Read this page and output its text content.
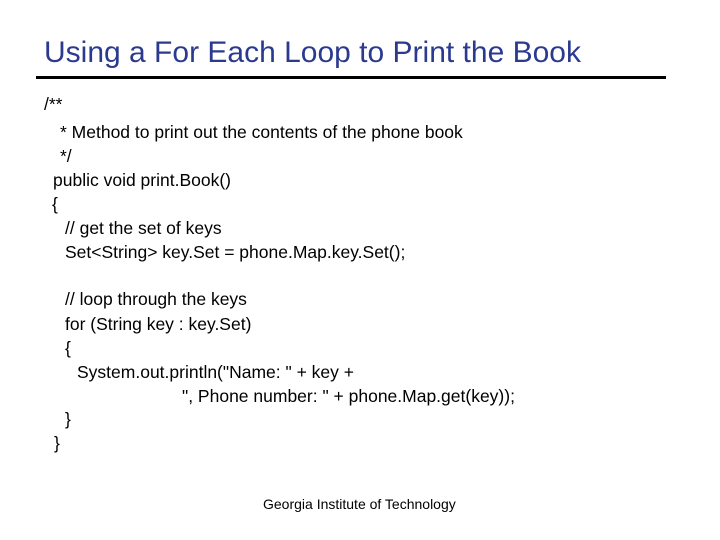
Using a For Each Loop to Print the Book
/**
* Method to print out the contents of the phone book
*/
public void print.Book()
{
// get the set of keys
Set<String> key.Set = phone.Map.key.Set();
// loop through the keys
for (String key : key.Set)
{
System.out.println("Name: " + key +
", Phone number: " + phone.Map.get(key));
}
}
Georgia Institute of Technology
